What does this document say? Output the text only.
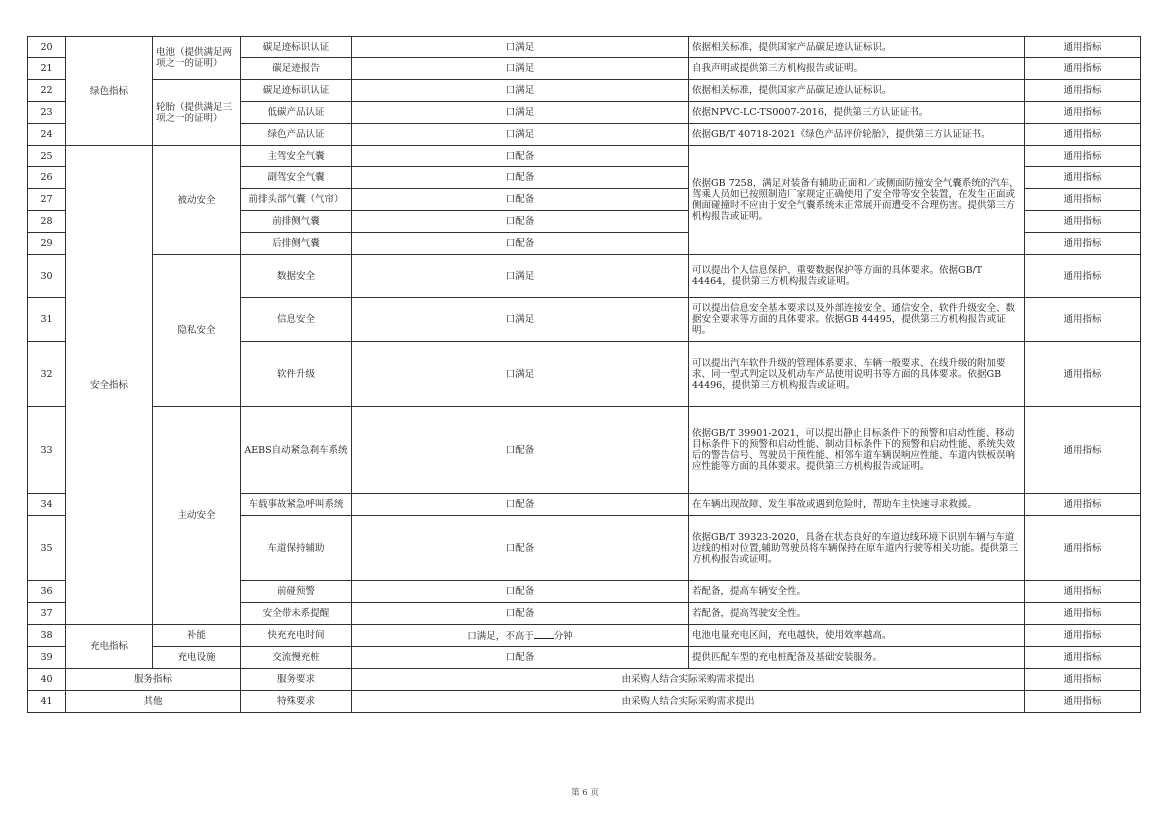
20	绿色指标	电池（提供满足两项之一的证明）	碳足迹标识认证	口满足	依据相关标准，提供国家产品碳足迹认证标识。	通用指标
21			碳足迹报告	口满足	自我声明或提供第三方机构报告或证明。	通用指标
22		轮胎（提供满足三项之一的证明）	碳足迹标识认证	口满足	依据相关标准，提供国家产品碳足迹认证标识。	通用指标
23			低碳产品认证	口满足	依据NPVC-LC-TS0007-2016，提供第三方认证证书。	通用指标
24			绿色产品认证	口满足	依据GB/T 40718-2021《绿色产品评价轮胎》，提供第三方认证证书。	通用指标
25	安全指标	被动安全	主驾安全气囊	口配备	依据GB 7258，满足对装备有辅助正面和／或侧面防撞安全气囊系统的汽车，驾乘人员如已按照制造厂家规定正确使用了安全带等安全装置，在发生正面或侧面碰撞时不应由于安全气囊系统未正常展开而遭受不合理伤害。提供第三方机构报告或证明。	通用指标
26			副驾安全气囊	口配备		通用指标
27			前排头部气囊（气帘）	口配备		通用指标
28			前排侧气囊	口配备		通用指标
29			后排侧气囊	口配备		通用指标
30		隐私安全	数据安全	口满足	可以提出个人信息保护、重要数据保护等方面的具体要求。依据GB/T 44464，提供第三方机构报告或证明。	通用指标
31			信息安全	口满足	可以提出信息安全基本要求以及外部连接安全、通信安全、软件升级安全、数据安全要求等方面的具体要求。依据GB 44495，提供第三方机构报告或证明。	通用指标
32			软件升级	口满足	可以提出汽车软件升级的管理体系要求、车辆一般要求、在线升级的附加要求、同一型式判定以及机动车产品使用说明书等方面的具体要求。依据GB 44496，提供第三方机构报告或证明。	通用指标
33		主动安全	AEBS自动紧急刹车系统	口配备	依据GB/T 39901-2021，可以提出静止目标条件下的预警和启动性能、移动目标条件下的预警和启动性能、制动目标条件下的预警和启动性能、系统失效后的警告信号、驾驶员干预性能、相邻车道车辆误响应性能、车道内铁板误响应性能等方面的具体要求。提供第三方机构报告或证明。	通用指标
34			车载事故紧急呼叫系统	口配备	在车辆出现故障、发生事故或遇到危险时，帮助车主快速寻求救援。	通用指标
35			车道保持辅助	口配备	依据GB/T 39323-2020，具备在状态良好的车道边线环境下识别车辆与车道边线的相对位置,辅助驾驶员将车辆保持在原车道内行驶等相关功能。提供第三方机构报告或证明。	通用指标
36			前碰预警	口配备	若配备，提高车辆安全性。	通用指标
37			安全带未系提醒	口配备	若配备，提高驾驶安全性。	通用指标
38	充电指标	补能	快充充电时间	口满足，不高于 分钟	电池电量充电区间，充电越快，使用效率越高。	通用指标
39		充电设施	交流慢充桩	口配备	提供匹配车型的充电桩配备及基础安装服务。	通用指标
40	服务指标		服务要求	由采购人结合实际采购需求提出		通用指标
41	其他		特殊要求	由采购人结合实际采购需求提出		通用指标
第 6 页
